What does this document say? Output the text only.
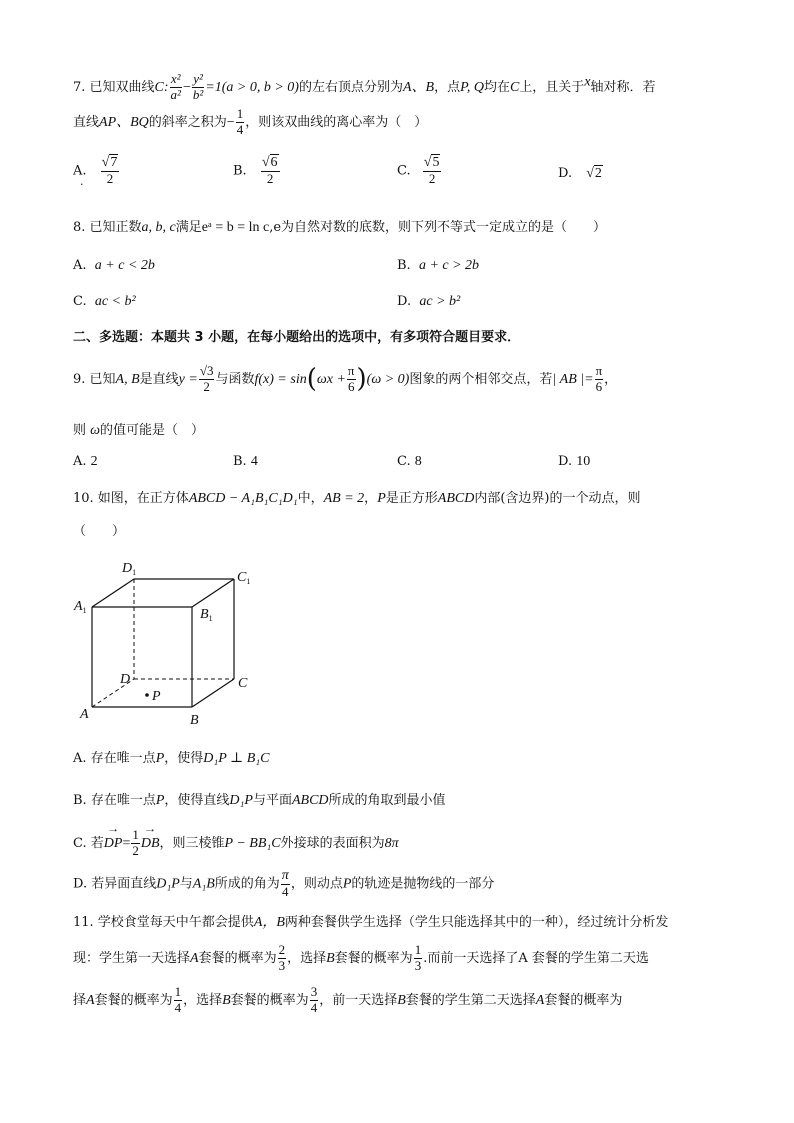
7. 已知双曲线C: $\frac{\text{x²}}{\text{a²}} - \frac{\text{y²}}{\text{b²}} =1(a > 0$, b > 0)的左右顶点分别为A、B，点P, Q均在C上，且关于$^x$轴对称．若
直线AP、BQ的斜率之积为− $\frac{1}{4}$ ，则该双曲线的离心率为（　）
A. $\frac{√7}{2}$
.
B. $\frac{√6}{2}$	C. $\frac{√5}{2}$	D. √2
8. 已知正数a, b, c满足eᵃ = b = ln c,e为自然对数的底数，则下列不等式一定成立的是（　　）
A. a + c < 2b	B. a + c > 2b
C. ac < b²	D. ac > b²
二、多选题：本题共 3 小题，在每小题给出的选项中，有多项符合题目要求．
9. 已知A, B是直线$y = \frac{√3}{2}$ 与函数$f(x) = \sin(\omega x + \frac{\pi}{6} )(\omega > 0)$图象的两个相邻交点，若| AB |= $\frac{\pi}{6}$ ，
则 ω的值可能是（　）
A. 2	B. 4	C. 8	D. 10
10. 如图，在正方体ABCD − A₁B₁C₁D₁中，AB = 2，P是正方形ABCD内部(含边界)的一个动点，则
（　　）
$D_1$	$C_1$
$A_1$	$B_1$
D	C
P
A	B
A. 存在唯一点P，使得D₁P ⊥ B₁C
B. 存在唯一点P，使得直线D₁P与平面ABCD所成的角取到最小值
C. 若→ $DP= \frac{1}{2}$
→ DB，则三棱锥P − BB₁C外接球的表面积为8π
D. 若异面直线D₁P与A₁B所成的角为 $\frac{\pi}{4}$ ，则动点P的轨迹是抛物线的一部分
11. 学校食堂每天中午都会提供A，B两种套餐供学生选择（学生只能选择其中的一种），经过统计分析发
现：学生第一天选择A套餐的概率为 $\frac{2}{3}$ ，选择B套餐的概率为 $\frac{1}{3}$ .而前一天选择了A 套餐的学生第二天选
择A套餐的概率为 $\frac{1}{4}$ ，选择B套餐的概率为 $\frac{3}{4}$ ，前一天选择B套餐的学生第二天选择A套餐的概率为
